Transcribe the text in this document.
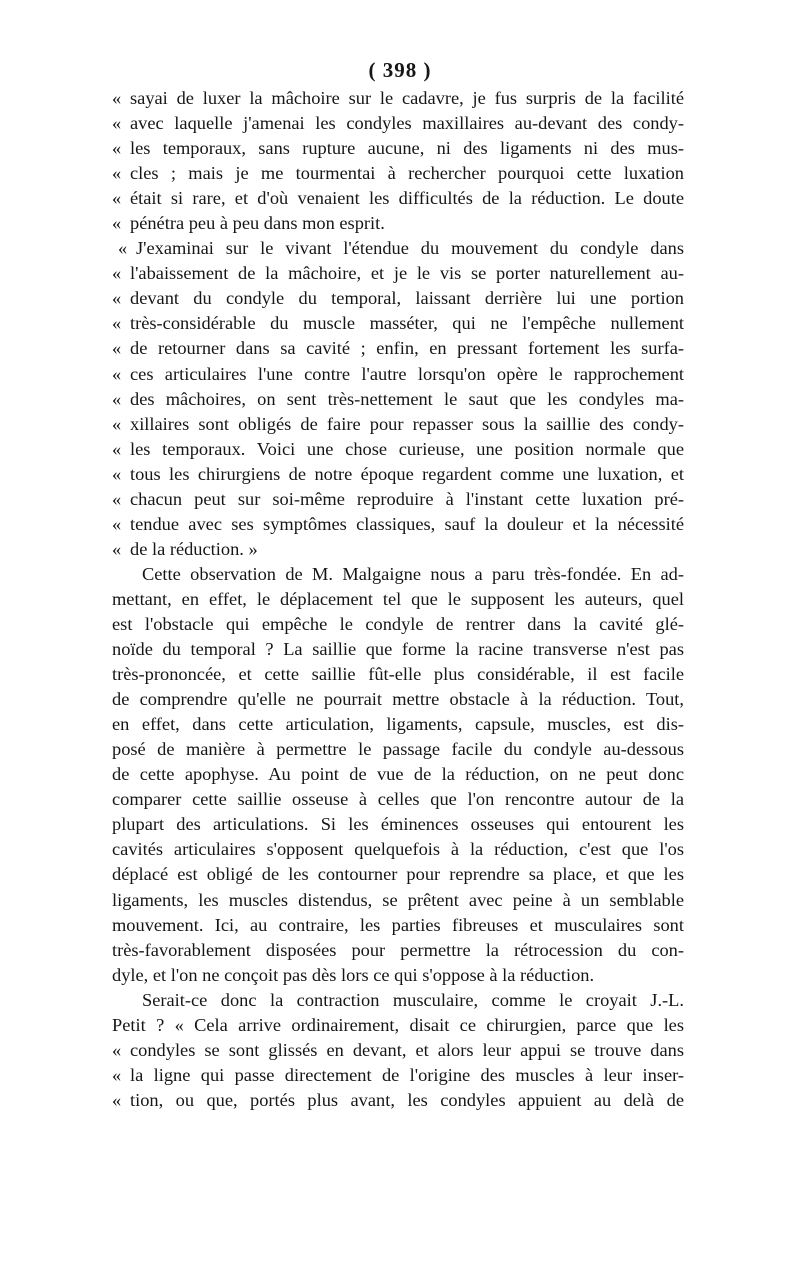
( 398 )
« sayai de luxer la mâchoire sur le cadavre, je fus surpris de la facilité
« avec laquelle j'amenai les condyles maxillaires au-devant des condy-
« les temporaux, sans rupture aucune, ni des ligaments ni des mus-
« cles ; mais je me tourmentai à rechercher pourquoi cette luxation
« était si rare, et d'où venaient les difficultés de la réduction. Le doute
« pénétra peu à peu dans mon esprit.
« J'examinai sur le vivant l'étendue du mouvement du condyle dans
« l'abaissement de la mâchoire, et je le vis se porter naturellement au-
« devant du condyle du temporal, laissant derrière lui une portion
« très-considérable du muscle masséter, qui ne l'empêche nullement
« de retourner dans sa cavité ; enfin, en pressant fortement les surfa-
« ces articulaires l'une contre l'autre lorsqu'on opère le rapprochement
« des mâchoires, on sent très-nettement le saut que les condyles ma-
« xillaires sont obligés de faire pour repasser sous la saillie des condy-
« les temporaux. Voici une chose curieuse, une position normale que
« tous les chirurgiens de notre époque regardent comme une luxation, et
« chacun peut sur soi-même reproduire à l'instant cette luxation pré-
« tendue avec ses symptômes classiques, sauf la douleur et la nécessité
« de la réduction. »
Cette observation de M. Malgaigne nous a paru très-fondée. En ad-
mettant, en effet, le déplacement tel que le supposent les auteurs, quel
est l'obstacle qui empêche le condyle de rentrer dans la cavité glé-
noïde du temporal ? La saillie que forme la racine transverse n'est pas
très-prononcée, et cette saillie fût-elle plus considérable, il est facile
de comprendre qu'elle ne pourrait mettre obstacle à la réduction. Tout,
en effet, dans cette articulation, ligaments, capsule, muscles, est dis-
posé de manière à permettre le passage facile du condyle au-dessous
de cette apophyse. Au point de vue de la réduction, on ne peut donc
comparer cette saillie osseuse à celles que l'on rencontre autour de la
plupart des articulations. Si les éminences osseuses qui entourent les
cavités articulaires s'opposent quelquefois à la réduction, c'est que l'os
déplacé est obligé de les contourner pour reprendre sa place, et que les
ligaments, les muscles distendus, se prêtent avec peine à un semblable
mouvement. Ici, au contraire, les parties fibreuses et musculaires sont
très-favorablement disposées pour permettre la rétrocession du con-
dyle, et l'on ne conçoit pas dès lors ce qui s'oppose à la réduction.
Serait-ce donc la contraction musculaire, comme le croyait J.-L.
Petit ? « Cela arrive ordinairement, disait ce chirurgien, parce que les
« condyles se sont glissés en devant, et alors leur appui se trouve dans
« la ligne qui passe directement de l'origine des muscles à leur inser-
« tion, ou que, portés plus avant, les condyles appuient au delà de
